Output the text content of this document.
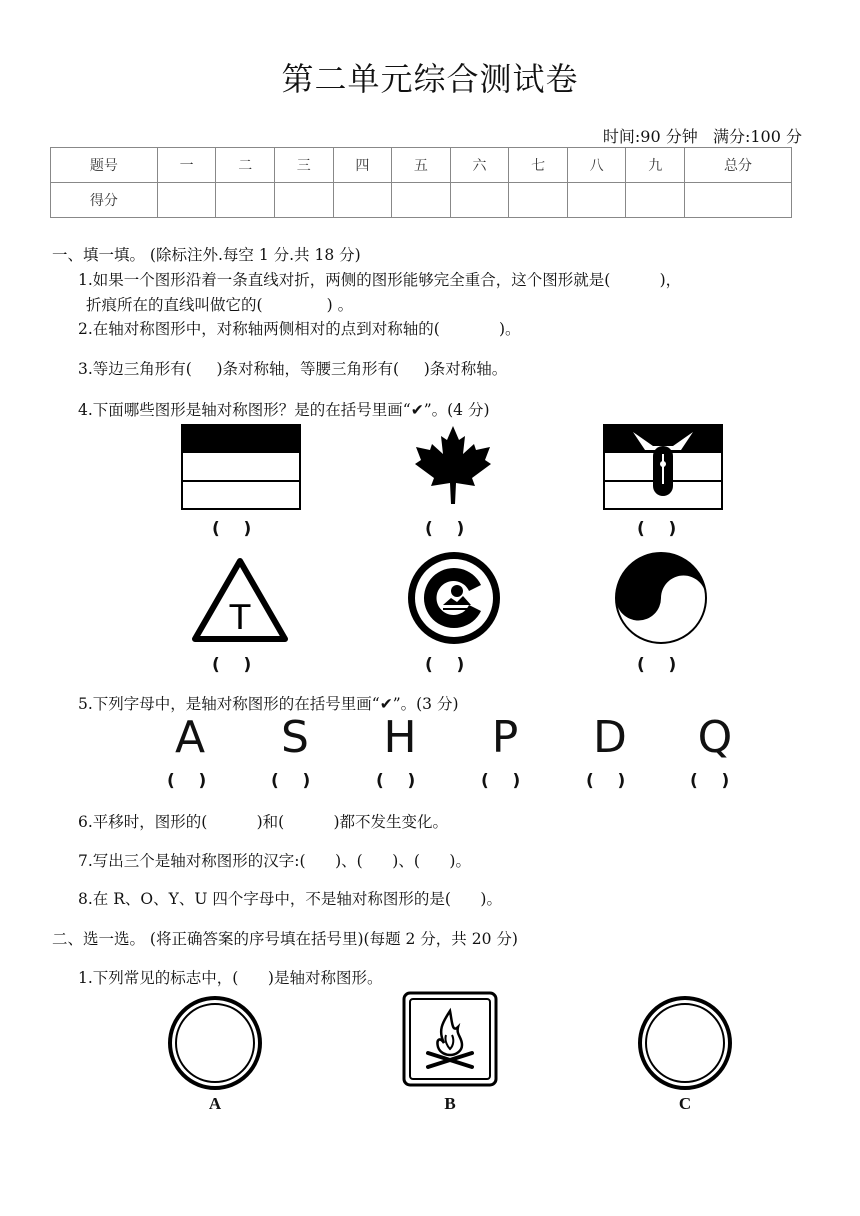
第二单元综合测试卷
时间:90 分钟   满分:100 分
题号	一	二	三	四	五	六	七	八	九	总分
得分										
一、填一填。 (除标注外.每空 1 分.共 18 分)
1.如果一个图形沿着一条直线对折，两侧的图形能够完全重合，这个图形就是(          )，
折痕所在的直线叫做它的(             ) 。
2.在轴对称图形中，对称轴两侧相对的点到对称轴的(            )。
3.等边三角形有(     )条对称轴，等腰三角形有(     )条对称轴。
4.下面哪些图形是轴对称图形？是的在括号里画“✔”。(4 分)
(    )	(    )	(    )
T
(    )	(    )	(    )
5.下列字母中，是轴对称图形的在括号里画“✔”。(3 分)
A	S	H	P	D Q
(    )	(    )	(    )	(    )	(    )	(    )
6.平移时，图形的(          )和(          )都不发生变化。
7.写出三个是轴对称图形的汉字:(      )、(      )、(      )。
8.在 R、O、Y、U 四个字母中，不是轴对称图形的是(      )。
二、选一选。 (将正确答案的序号填在括号里)(每题 2 分，共 20 分)
1.下列常见的标志中，(      )是轴对称图形。
A	B	C
